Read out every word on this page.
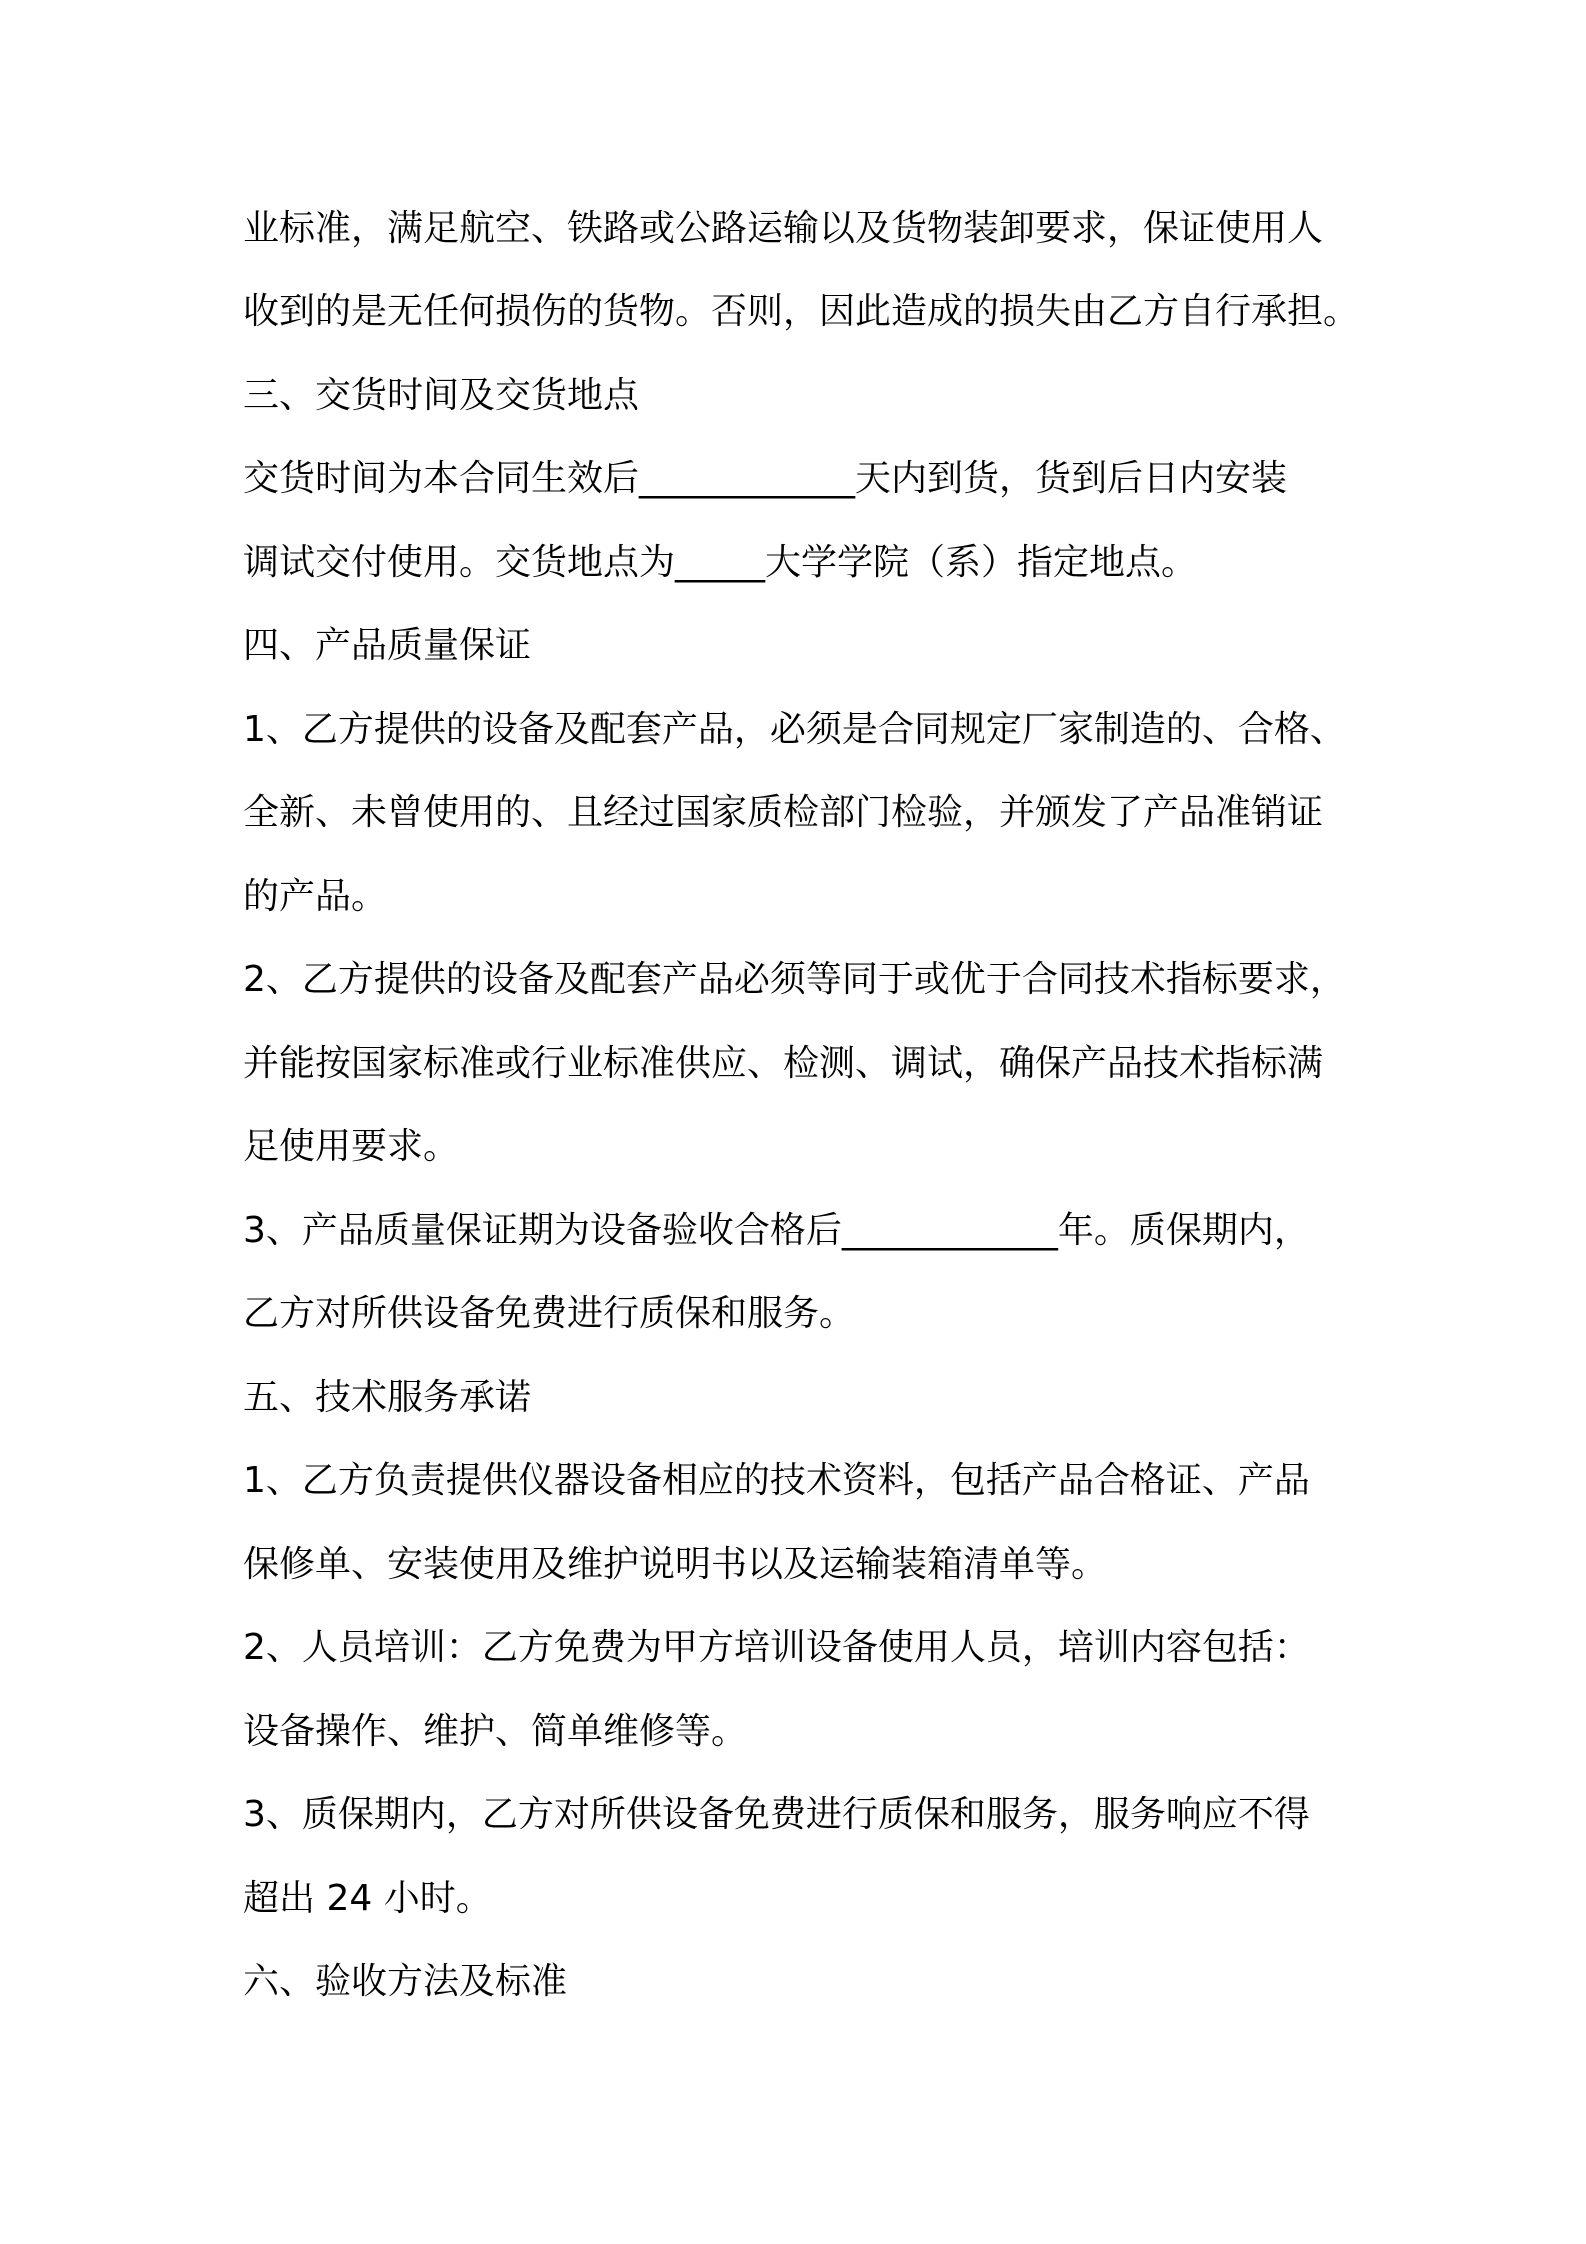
业标准，满足航空、铁路或公路运输以及货物装卸要求，保证使用人
收到的是无任何损伤的货物。否则，因此造成的损失由乙方自行承担。
三、交货时间及交货地点
交货时间为本合同生效后____________天内到货，货到后日内安装
调试交付使用。交货地点为_____大学学院（系）指定地点。
四、产品质量保证
1、乙方提供的设备及配套产品，必须是合同规定厂家制造的、合格、
全新、未曾使用的、且经过国家质检部门检验，并颁发了产品准销证
的产品。
2、乙方提供的设备及配套产品必须等同于或优于合同技术指标要求，
并能按国家标准或行业标准供应、检测、调试，确保产品技术指标满
足使用要求。
3、产品质量保证期为设备验收合格后____________年。质保期内，
乙方对所供设备免费进行质保和服务。
五、技术服务承诺
1、乙方负责提供仪器设备相应的技术资料，包括产品合格证、产品
保修单、安装使用及维护说明书以及运输装箱清单等。
2、人员培训：乙方免费为甲方培训设备使用人员，培训内容包括：
设备操作、维护、简单维修等。
3、质保期内，乙方对所供设备免费进行质保和服务，服务响应不得
超出 24 小时。
六、验收方法及标准
